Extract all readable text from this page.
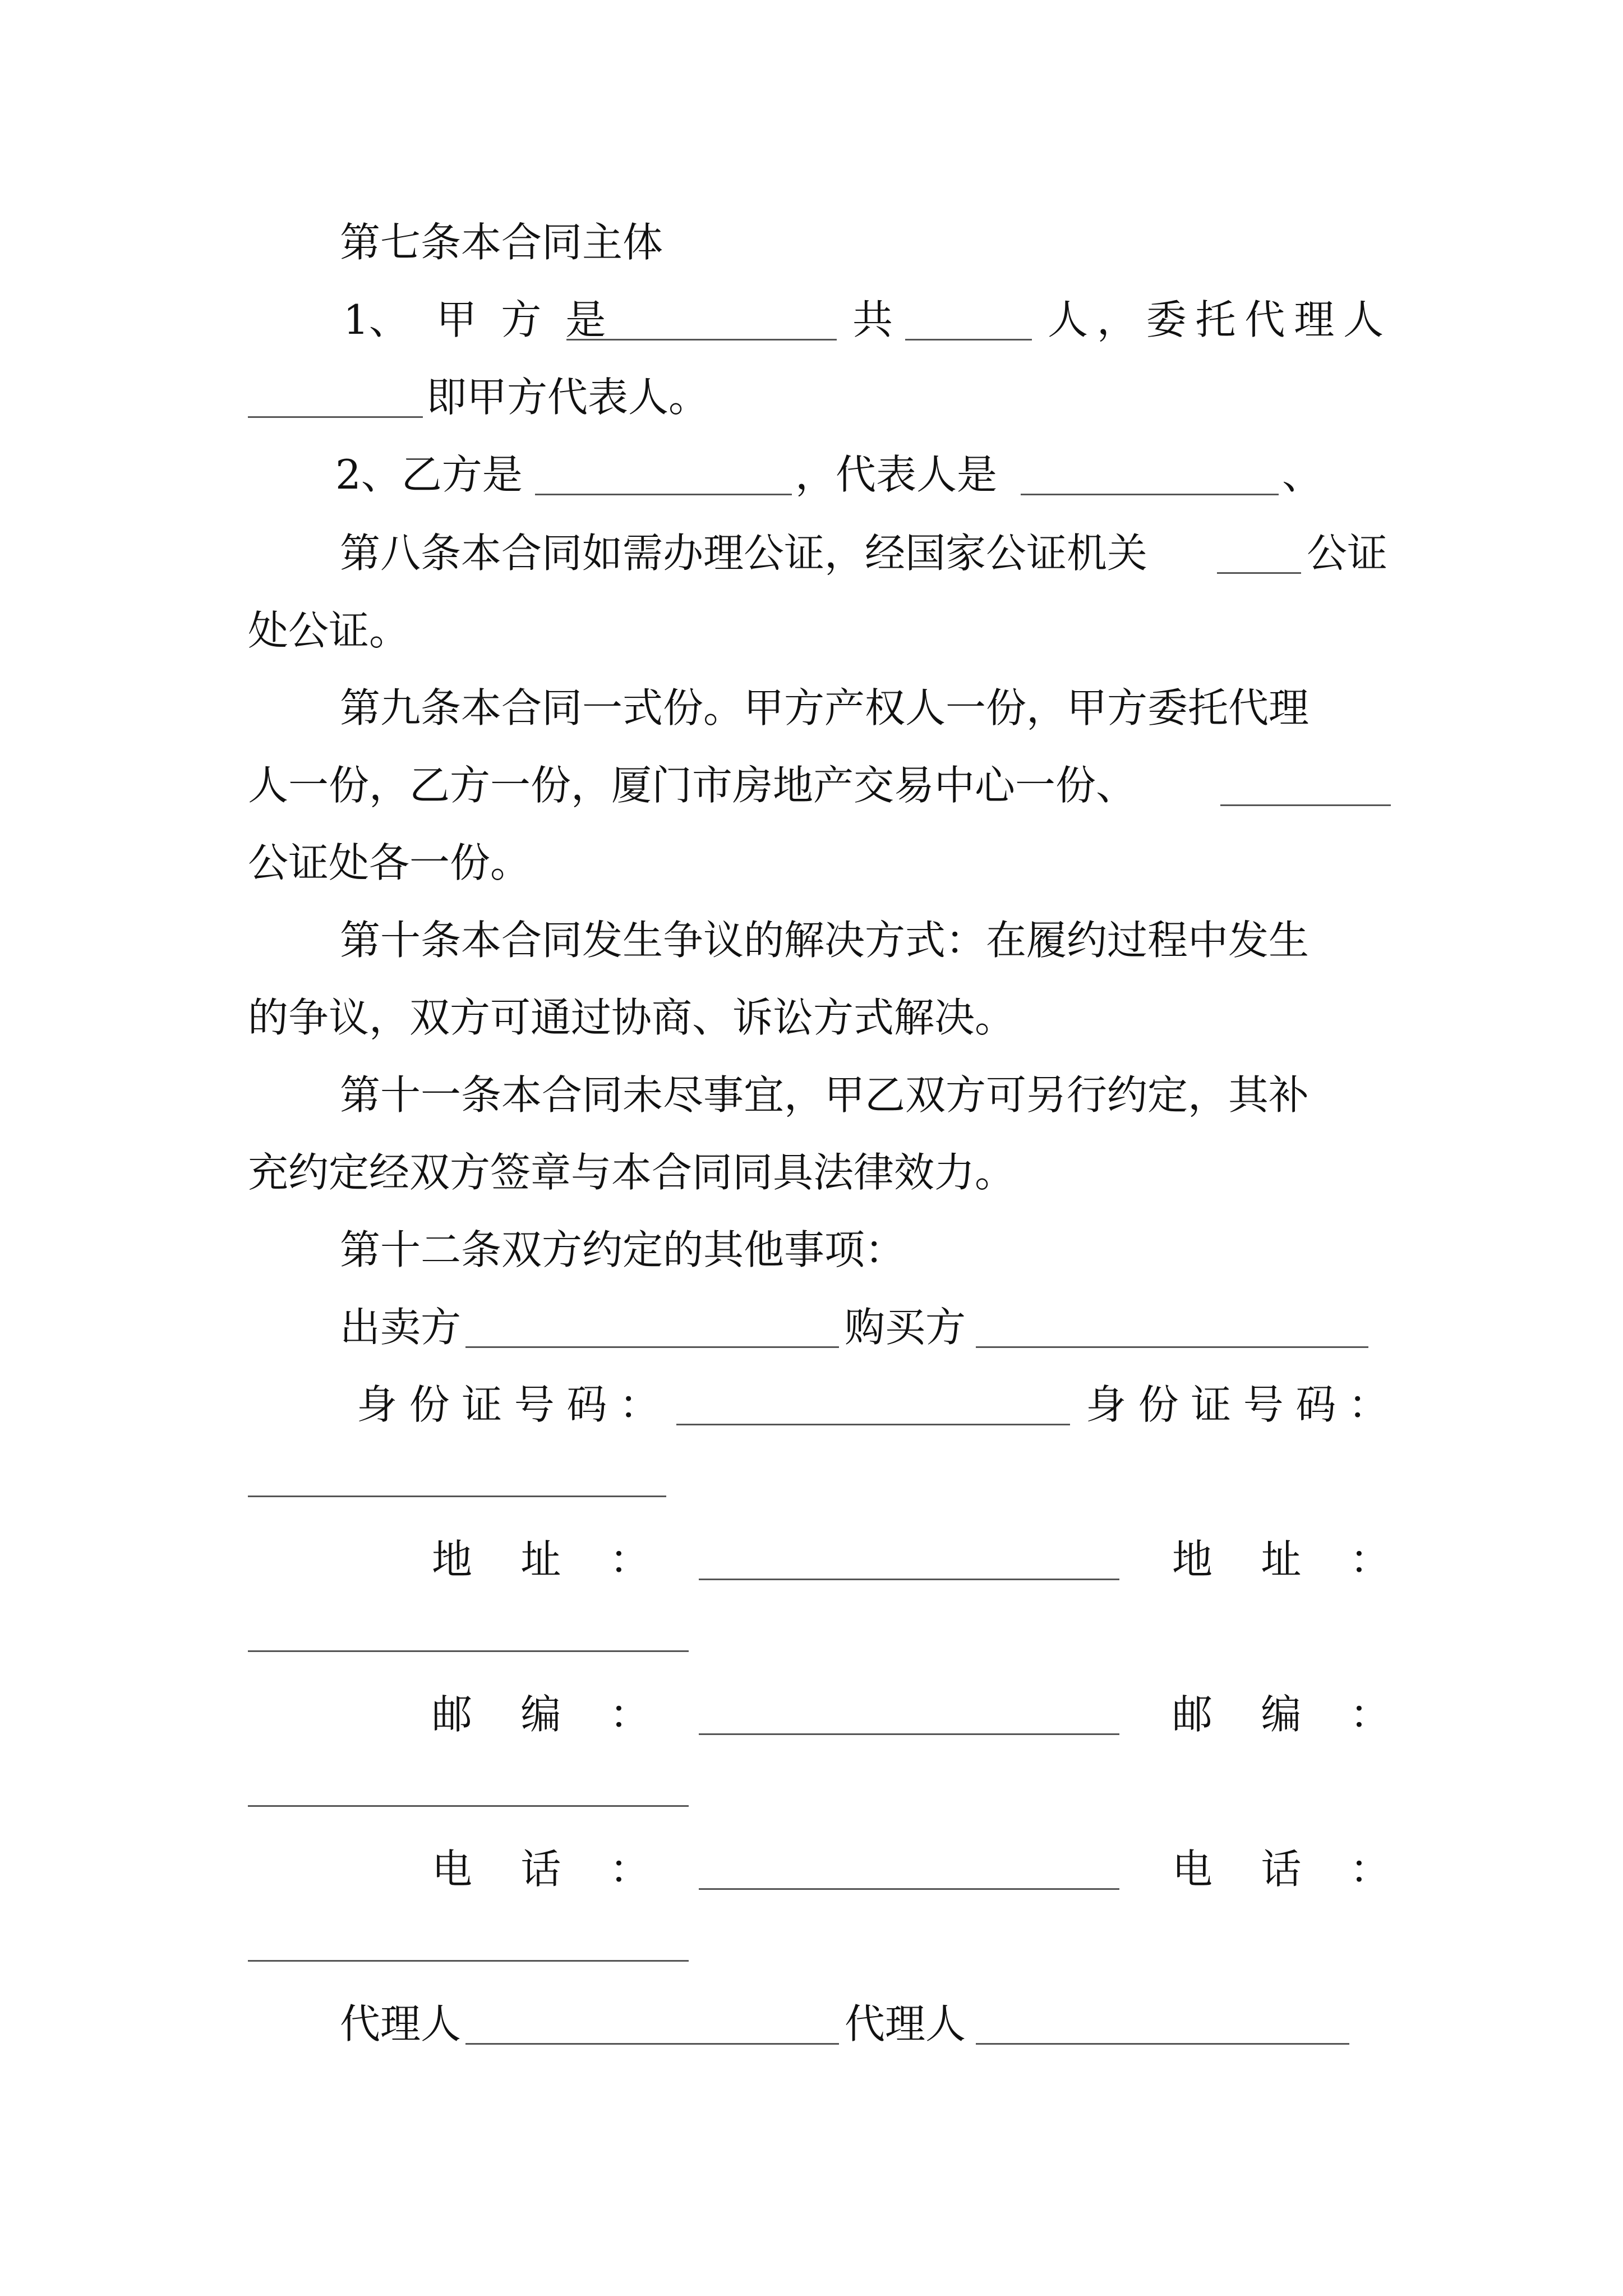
第七条本合同主体
1、 甲方是	共	人，委托代理人
即甲方代表人。
2、乙方是	，代表人是	、
第八条本合同如需办理公证，经国家公证机关	公证
处公证。
第九条本合同一式份。甲方产权人一份，甲方委托代理
人一份，乙方一份，厦门市房地产交易中心一份、
公证处各一份。
第十条本合同发生争议的解决方式：在履约过程中发生
的争议，双方可通过协商、诉讼方式解决。
第十一条本合同未尽事宜，甲乙双方可另行约定，其补
充约定经双方签章与本合同同具法律效力。
第十二条双方约定的其他事项：
出卖方	购买方
身份证号码：	身份证号码：
地址：	地址：
邮编：	邮编：
电话：	电话：
代理人	代理人
